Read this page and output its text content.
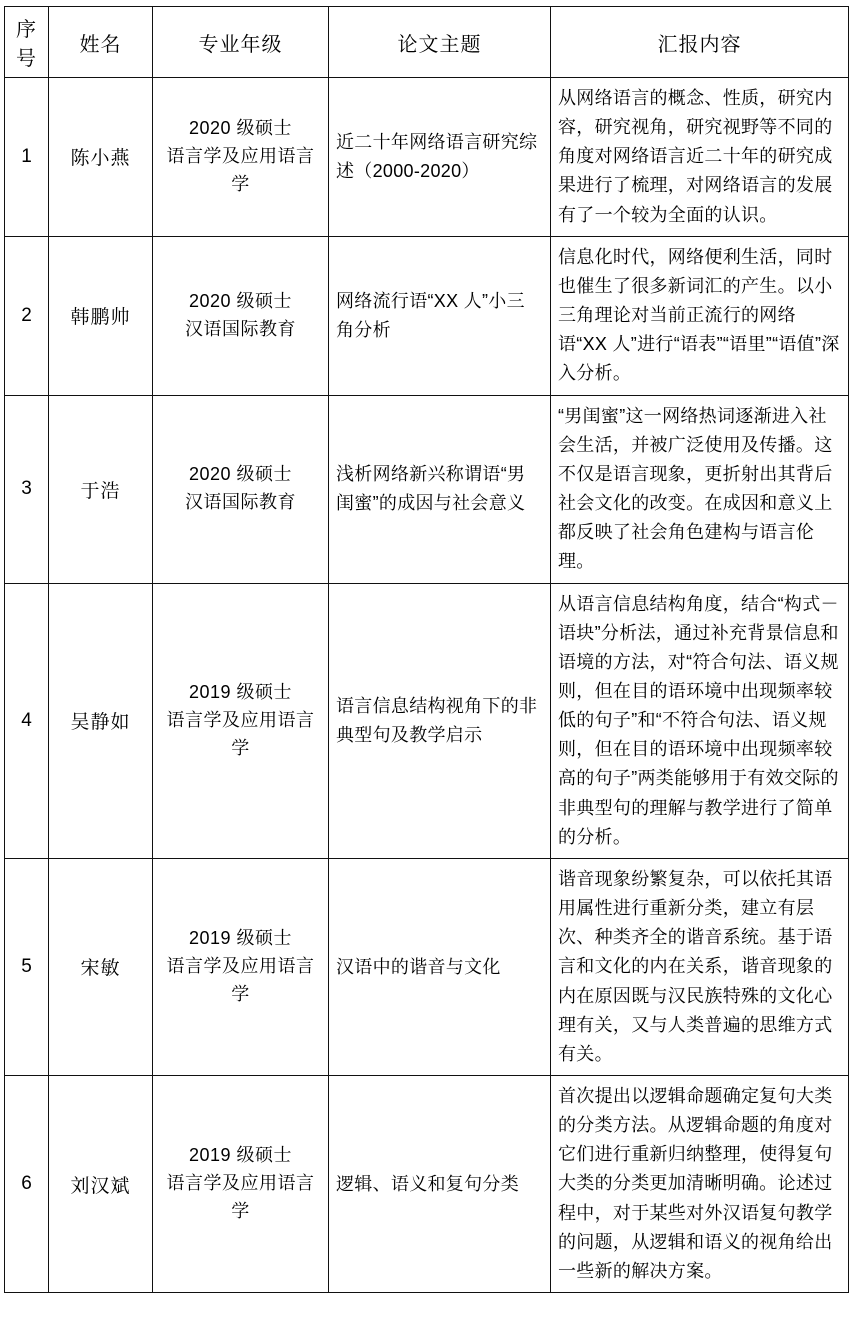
序号	姓名	专业年级	论文主题	汇报内容
1	陈小燕	2020 级硕士
语言学及应用语言
学	近二十年网络语言研究综述（2000-2020）	从网络语言的概念、性质，研究内容，研究视角，研究视野等不同的角度对网络语言近二十年的研究成果进行了梳理，对网络语言的发展有了一个较为全面的认识。
2	韩鹏帅	2020 级硕士
汉语国际教育	网络流行语“XX 人”小三角分析	信息化时代，网络便利生活，同时也催生了很多新词汇的产生。以小三角理论对当前正流行的网络语“XX 人”进行“语表”“语里”“语值”深入分析。
3	于浩	2020 级硕士
汉语国际教育	浅析网络新兴称谓语“男闺蜜”的成因与社会意义	“男闺蜜”这一网络热词逐渐进入社会生活，并被广泛使用及传播。这不仅是语言现象，更折射出其背后社会文化的改变。在成因和意义上都反映了社会角色建构与语言伦理。
4	吴静如	2019 级硕士
语言学及应用语言
学	语言信息结构视角下的非典型句及教学启示	从语言信息结构角度，结合“构式－语块”分析法，通过补充背景信息和语境的方法，对“符合句法、语义规则，但在目的语环境中出现频率较低的句子”和“不符合句法、语义规则，但在目的语环境中出现频率较高的句子”两类能够用于有效交际的非典型句的理解与教学进行了简单的分析。
5	宋敏	2019 级硕士
语言学及应用语言
学	汉语中的谐音与文化	谐音现象纷繁复杂，可以依托其语用属性进行重新分类，建立有层次、种类齐全的谐音系统。基于语言和文化的内在关系，谐音现象的内在原因既与汉民族特殊的文化心理有关，又与人类普遍的思维方式有关。
6	刘汉斌	2019 级硕士
语言学及应用语言
学	逻辑、语义和复句分类	首次提出以逻辑命题确定复句大类的分类方法。从逻辑命题的角度对它们进行重新归纳整理，使得复句大类的分类更加清晰明确。论述过程中，对于某些对外汉语复句教学的问题，从逻辑和语义的视角给出一些新的解决方案。
